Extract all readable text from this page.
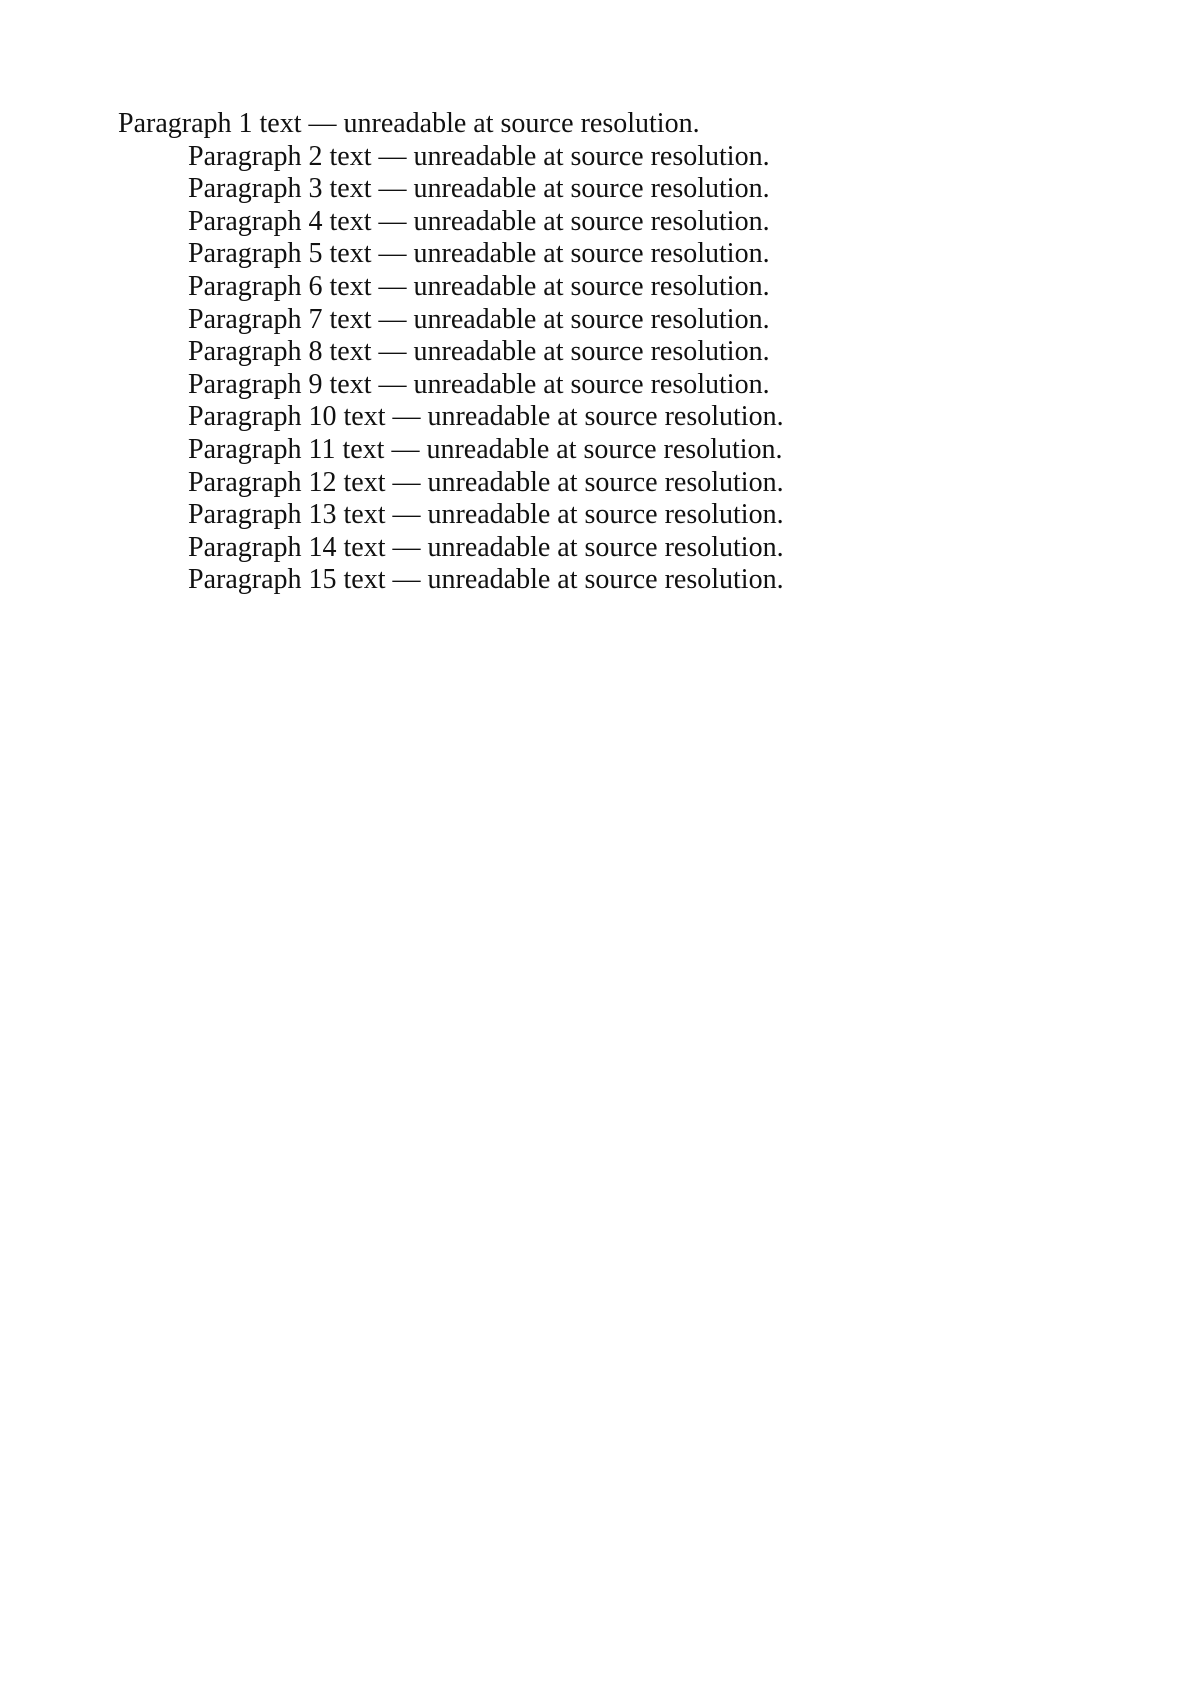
Paragraph 1 text — unreadable at source resolution.

Paragraph 2 text — unreadable at source resolution.

Paragraph 3 text — unreadable at source resolution.

Paragraph 4 text — unreadable at source resolution.

Paragraph 5 text — unreadable at source resolution.

Paragraph 6 text — unreadable at source resolution.

Paragraph 7 text — unreadable at source resolution.

Paragraph 8 text — unreadable at source resolution.

Paragraph 9 text — unreadable at source resolution.

Paragraph 10 text — unreadable at source resolution.

Paragraph 11 text — unreadable at source resolution.

Paragraph 12 text — unreadable at source resolution.

Paragraph 13 text — unreadable at source resolution.

Paragraph 14 text — unreadable at source resolution.

Paragraph 15 text — unreadable at source resolution.
